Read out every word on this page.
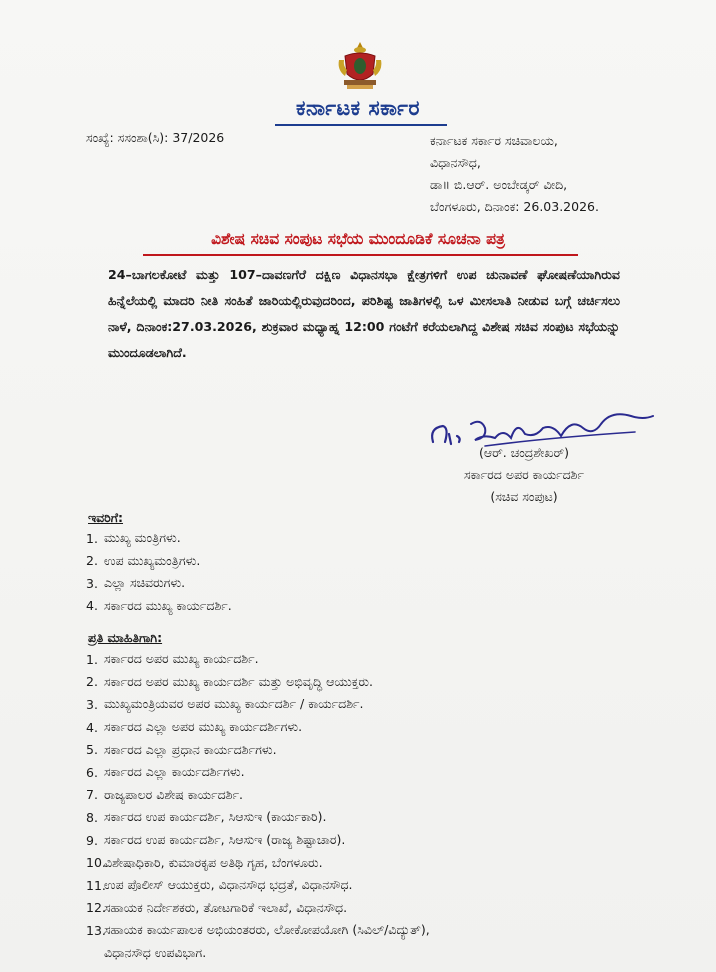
ಕರ್ನಾಟಕ ಸರ್ಕಾರ
ಸಂಖ್ಯೆ: ಸಸಂಶಾ(ಸಿ): 37/2026	ಕರ್ನಾಟಕ ಸರ್ಕಾರ ಸಚಿವಾಲಯ,
ವಿಧಾನಸೌಧ,
ಡಾ॥ ಬಿ.ಆರ್. ಅಂಬೇಡ್ಕರ್ ವೀದಿ,
ಬೆಂಗಳೂರು, ದಿನಾಂಕ: 26.03.2026.
ವಿಶೇಷ ಸಚಿವ ಸಂಪುಟ ಸಭೆಯ ಮುಂದೂಡಿಕೆ ಸೂಚನಾ ಪತ್ರ
24–ಬಾಗಲಕೋಟೆ ಮತ್ತು 107–ದಾವಣಗೆರೆ ದಕ್ಷಿಣ ವಿಧಾನಸಭಾ ಕ್ಷೇತ್ರಗಳಿಗೆ ಉಪ ಚುನಾವಣೆ ಘೋಷಣೆಯಾಗಿರುವ ಹಿನ್ನೆಲೆಯಲ್ಲಿ ಮಾದರಿ ನೀತಿ ಸಂಹಿತೆ ಜಾರಿಯಲ್ಲಿರುವುದರಿಂದ, ಪರಿಶಿಷ್ಟ ಜಾತಿಗಳಲ್ಲಿ ಒಳ ಮೀಸಲಾತಿ ನೀಡುವ ಬಗ್ಗೆ ಚರ್ಚಿಸಲು ನಾಳೆ, ದಿನಾಂಕ:27.03.2026, ಶುಕ್ರವಾರ ಮಧ್ಯಾಹ್ನ 12:00 ಗಂಟೆಗೆ ಕರೆಯಲಾಗಿದ್ದ ವಿಶೇಷ ಸಚಿವ ಸಂಪುಟ ಸಭೆಯನ್ನು ಮುಂದೂಡಲಾಗಿದೆ.
(ಆರ್. ಚಂದ್ರಶೇಖರ್)
ಸರ್ಕಾರದ ಅಪರ ಕಾರ್ಯದರ್ಶಿ
(ಸಚಿವ ಸಂಪುಟ)
ಇವರಿಗೆ:
1. ಮುಖ್ಯ ಮಂತ್ರಿಗಳು.
2. ಉಪ ಮುಖ್ಯಮಂತ್ರಿಗಳು.
3. ಎಲ್ಲಾ ಸಚಿವರುಗಳು.
4. ಸರ್ಕಾರದ ಮುಖ್ಯ ಕಾರ್ಯದರ್ಶಿ.
ಪ್ರತಿ ಮಾಹಿತಿಗಾಗಿ:
1. ಸರ್ಕಾರದ ಅಪರ ಮುಖ್ಯ ಕಾರ್ಯದರ್ಶಿ.
2. ಸರ್ಕಾರದ ಅಪರ ಮುಖ್ಯ ಕಾರ್ಯದರ್ಶಿ ಮತ್ತು ಅಭಿವೃದ್ಧಿ ಆಯುಕ್ತರು.
3. ಮುಖ್ಯಮಂತ್ರಿಯವರ ಅಪರ ಮುಖ್ಯ ಕಾರ್ಯದರ್ಶಿ / ಕಾರ್ಯದರ್ಶಿ.
4. ಸರ್ಕಾರದ ಎಲ್ಲಾ ಅಪರ ಮುಖ್ಯ ಕಾರ್ಯದರ್ಶಿಗಳು.
5. ಸರ್ಕಾರದ ಎಲ್ಲಾ ಪ್ರಧಾನ ಕಾರ್ಯದರ್ಶಿಗಳು.
6. ಸರ್ಕಾರದ ಎಲ್ಲಾ ಕಾರ್ಯದರ್ಶಿಗಳು.
7. ರಾಜ್ಯಪಾಲರ ವಿಶೇಷ ಕಾರ್ಯದರ್ಶಿ.
8. ಸರ್ಕಾರದ ಉಪ ಕಾರ್ಯದರ್ಶಿ, ಸಿಆಸುಇ (ಕಾರ್ಯಕಾರಿ).
9. ಸರ್ಕಾರದ ಉಪ ಕಾರ್ಯದರ್ಶಿ, ಸಿಆಸುಇ (ರಾಜ್ಯ ಶಿಷ್ಟಾಚಾರ).
10.
ವಿಶೇಷಾಧಿಕಾರಿ, ಕುಮಾರಕೃಪ ಅತಿಥಿ ಗೃಹ, ಬೆಂಗಳೂರು.
11.
ಉಪ ಪೊಲೀಸ್ ಆಯುಕ್ತರು, ವಿಧಾನಸೌಧ ಭದ್ರತೆ, ವಿಧಾನಸೌಧ.
12.
ಸಹಾಯಕ ನಿರ್ದೇಶಕರು, ತೋಟಗಾರಿಕೆ ಇಲಾಖೆ, ವಿಧಾನಸೌಧ.
13.
ಸಹಾಯಕ ಕಾರ್ಯಪಾಲಕ ಅಭಿಯಂತರರು, ಲೋಕೋಪಯೋಗಿ (ಸಿವಿಲ್/ವಿದ್ಯುತ್),
ವಿಧಾನಸೌಧ ಉಪವಿಭಾಗ.
